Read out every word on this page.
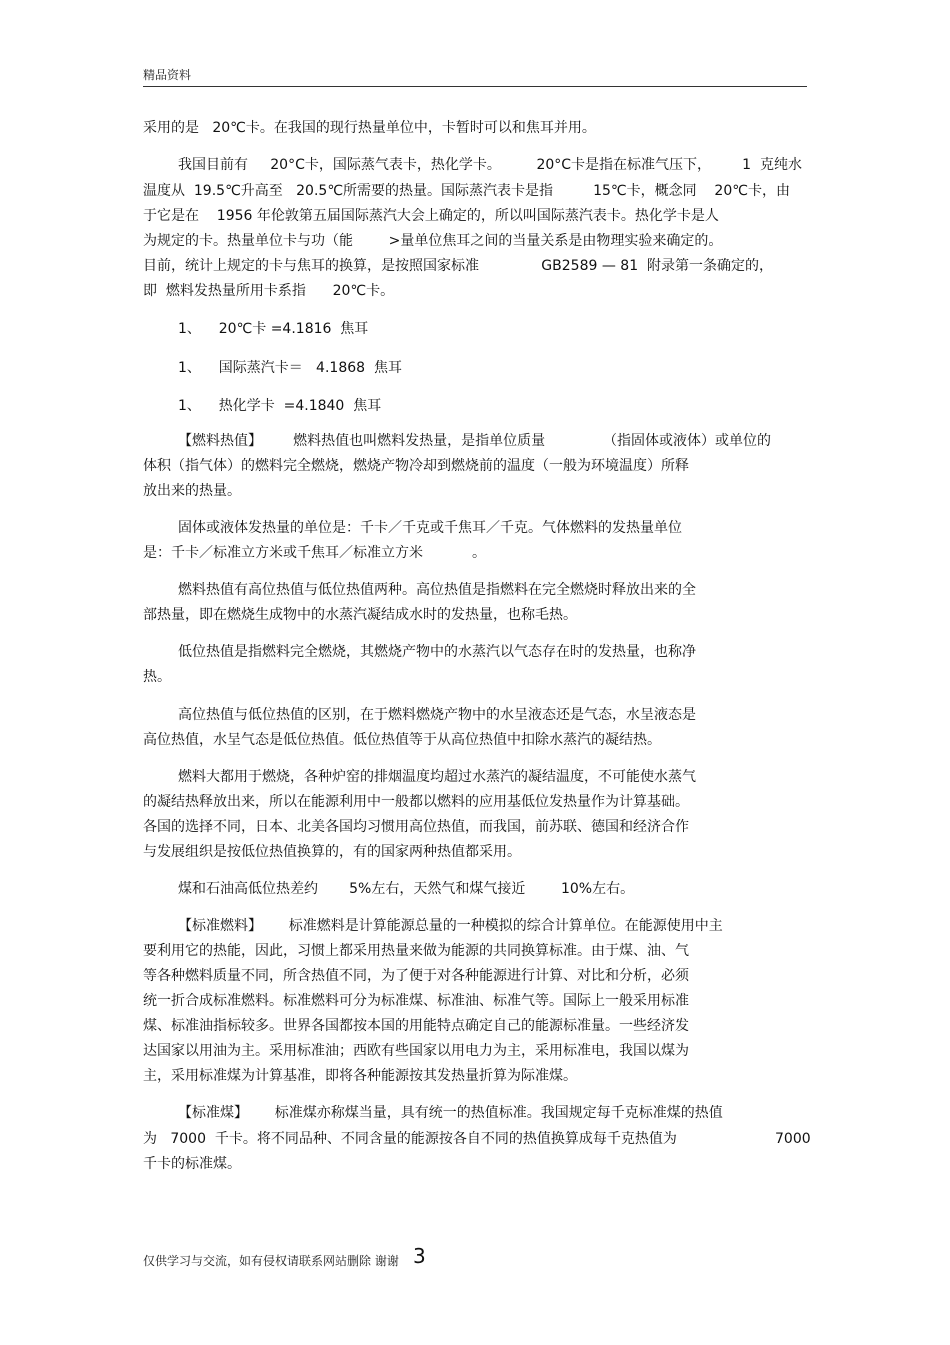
精品资料
采用的是   20℃卡。在我国的现行热量单位中，卡暂时可以和焦耳并用。
我国目前有     20°C卡，国际蒸气表卡，热化学卡。        20°C卡是指在标准气压下，       1  克纯水
温度从  19.5℃升高至   20.5℃所需要的热量。国际蒸汽表卡是指         15℃卡，概念同    20℃卡，由
于它是在    1956 年伦敦第五届国际蒸汽大会上确定的，所以叫国际蒸汽表卡。热化学卡是人
为规定的卡。热量单位卡与功（能        >量单位焦耳之间的当量关系是由物理实验来确定的。
目前，统计上规定的卡与焦耳的换算，是按照国家标准              GB2589 — 81  附录第一条确定的，
即  燃料发热量所用卡系指      20℃卡。
1、    20℃卡 =4.1816  焦耳
1、    国际蒸汽卡＝   4.1868  焦耳
1、    热化学卡  =4.1840  焦耳
【燃料热值】       燃料热值也叫燃料发热量，是指单位质量             （指固体或液体）或单位的
体积（指气体）的燃料完全燃烧，燃烧产物冷却到燃烧前的温度（一般为环境温度）所释
放出来的热量。
固体或液体发热量的单位是：千卡／千克或千焦耳／千克。气体燃料的发热量单位
是：千卡／标准立方米或千焦耳／标准立方米           。
燃料热值有高位热值与低位热值两种。高位热值是指燃料在完全燃烧时释放出来的全
部热量，即在燃烧生成物中的水蒸汽凝结成水时的发热量，也称毛热。
低位热值是指燃料完全燃烧，其燃烧产物中的水蒸汽以气态存在时的发热量，也称净
热。
高位热值与低位热值的区别，在于燃料燃烧产物中的水呈液态还是气态，水呈液态是
高位热值，水呈气态是低位热值。低位热值等于从高位热值中扣除水蒸汽的凝结热。
燃料大都用于燃烧，各种炉窑的排烟温度均超过水蒸汽的凝结温度，不可能使水蒸气
的凝结热释放出来，所以在能源利用中一般都以燃料的应用基低位发热量作为计算基础。
各国的选择不同，日本、北美各国均习惯用高位热值，而我国，前苏联、德国和经济合作
与发展组织是按低位热值换算的，有的国家两种热值都采用。
煤和石油高低位热差约       5%左右，天然气和煤气接近        10%左右。
【标准燃料】      标准燃料是计算能源总量的一种模拟的综合计算单位。在能源使用中主
要利用它的热能，因此，习惯上都采用热量来做为能源的共同换算标准。由于煤、油、气
等各种燃料质量不同，所含热值不同，为了便于对各种能源进行计算、对比和分析，必须
统一折合成标准燃料。标准燃料可分为标准煤、标准油、标准气等。国际上一般采用标准
煤、标准油指标较多。世界各国都按本国的用能特点确定自己的能源标准量。一些经济发
达国家以用油为主。采用标准油；西欧有些国家以用电力为主，采用标准电，我国以煤为
主，采用标准煤为计算基准，即将各种能源按其发热量折算为际准煤。
【标准煤】      标准煤亦称煤当量，具有统一的热值标准。我国规定每千克标准煤的热值
为   7000  千卡。将不同品种、不同含量的能源按各自不同的热值换算成每千克热值为	7000
千卡的标准煤。
仅供学习与交流，如有侵权请联系网站删除 谢谢 3
